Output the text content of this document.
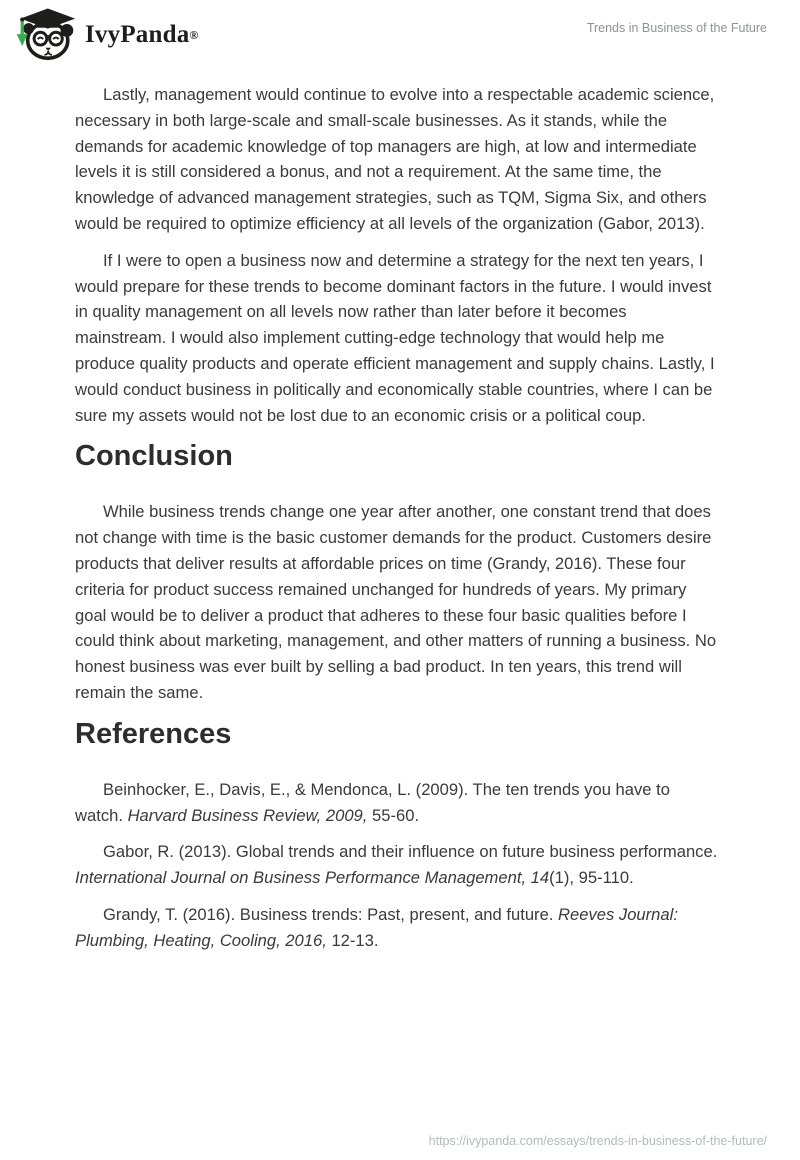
IvyPanda ®	Trends in Business of the Future

Lastly, management would continue to evolve into a respectable academic science, necessary in both large-scale and small-scale businesses. As it stands, while the demands for academic knowledge of top managers are high, at low and intermediate levels it is still considered a bonus, and not a requirement. At the same time, the knowledge of advanced management strategies, such as TQM, Sigma Six, and others would be required to optimize efficiency at all levels of the organization (Gabor, 2013).

If I were to open a business now and determine a strategy for the next ten years, I would prepare for these trends to become dominant factors in the future. I would invest in quality management on all levels now rather than later before it becomes mainstream. I would also implement cutting-edge technology that would help me produce quality products and operate efficient management and supply chains. Lastly, I would conduct business in politically and economically stable countries, where I can be sure my assets would not be lost due to an economic crisis or a political coup.

Conclusion

While business trends change one year after another, one constant trend that does not change with time is the basic customer demands for the product. Customers desire products that deliver results at affordable prices on time (Grandy, 2016). These four criteria for product success remained unchanged for hundreds of years. My primary goal would be to deliver a product that adheres to these four basic qualities before I could think about marketing, management, and other matters of running a business. No honest business was ever built by selling a bad product. In ten years, this trend will remain the same.

References

Beinhocker, E., Davis, E., & Mendonca, L. (2009). The ten trends you have to watch. Harvard Business Review, 2009, 55-60.

Gabor, R. (2013). Global trends and their influence on future business performance. International Journal on Business Performance Management, 14(1), 95-110.

Grandy, T. (2016). Business trends: Past, present, and future. Reeves Journal: Plumbing, Heating, Cooling, 2016, 12-13.

https://ivypanda.com/essays/trends-in-business-of-the-future/
